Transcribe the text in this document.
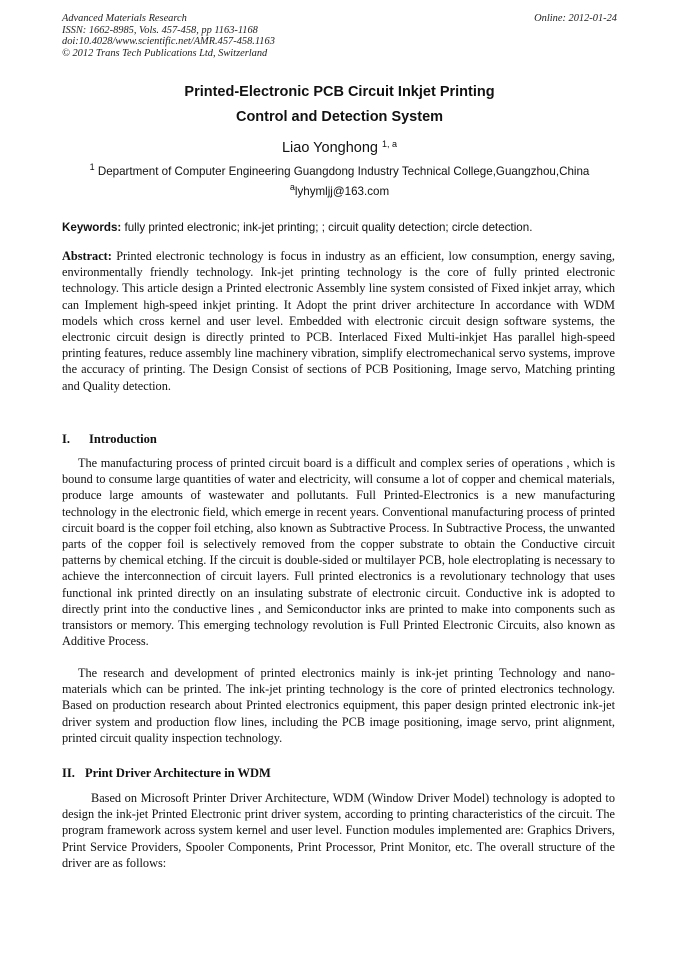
Advanced Materials Research
ISSN: 1662-8985, Vols. 457-458, pp 1163-1168
doi:10.4028/www.scientific.net/AMR.457-458.1163
© 2012 Trans Tech Publications Ltd, Switzerland
Online: 2012-01-24
Printed-Electronic PCB Circuit Inkjet Printing
Control and Detection System
Liao Yonghong $^{1, a}$
$^1$ Department of Computer Engineering Guangdong Industry Technical College,Guangzhou,China
$^a$lyhymljj@163.com
Keywords: fully printed electronic; ink-jet printing; ; circuit quality detection; circle detection.

Abstract: Printed electronic technology is focus in industry as an efficient, low consumption, energy saving, environmentally friendly technology. Ink-jet printing technology is the core of fully printed electronic technology. This article design a Printed electronic Assembly line system consisted of Fixed inkjet array, which can Implement high-speed inkjet printing. It Adopt the print driver architecture In accordance with WDM models which cross kernel and user level. Embedded with electronic circuit design software systems, the electronic circuit design is directly printed to PCB. Interlaced Fixed Multi-inkjet Has parallel high-speed printing features, reduce assembly line machinery vibration, simplify electromechanical servo systems, improve the accuracy of printing. The Design Consist of sections of PCB Positioning, Image servo, Matching printing and Quality detection.

I. Introduction

The manufacturing process of printed circuit board is a difficult and complex series of operations , which is bound to consume large quantities of water and electricity, will consume a lot of copper and chemical materials, produce large amounts of wastewater and pollutants. Full Printed-Electronics is a new manufacturing technology in the electronic field, which emerge in recent years. Conventional manufacturing process of printed circuit board is the copper foil etching, also known as Subtractive Process. In Subtractive Process, the unwanted parts of the copper foil is selectively removed from the copper substrate to obtain the Conductive circuit patterns by chemical etching. If the circuit is double-sided or multilayer PCB, hole electroplating is necessary to achieve the interconnection of circuit layers. Full printed electronics is a revolutionary technology that uses functional ink printed directly on an insulating substrate of electronic circuit. Conductive ink is adopted to directly print into the conductive lines , and Semiconductor inks are printed to make into components such as transistors or memory. This emerging technology revolution is Full Printed Electronic Circuits, also known as Additive Process.

The research and development of printed electronics mainly is ink-jet printing Technology and nano-materials which can be printed. The ink-jet printing technology is the core of printed electronics technology. Based on production research about Printed electronics equipment, this paper design printed electronic ink-jet driver system and production flow lines, including the PCB image positioning, image servo, print alignment, printed circuit quality inspection technology.

II. Print Driver Architecture in WDM

Based on Microsoft Printer Driver Architecture, WDM (Window Driver Model) technology is adopted to design the ink-jet Printed Electronic print driver system, according to printing characteristics of the circuit. The program framework across system kernel and user level. Function modules implemented are: Graphics Drivers, Print Service Providers, Spooler Components, Print Processor, Print Monitor, etc. The overall structure of the driver are as follows:
